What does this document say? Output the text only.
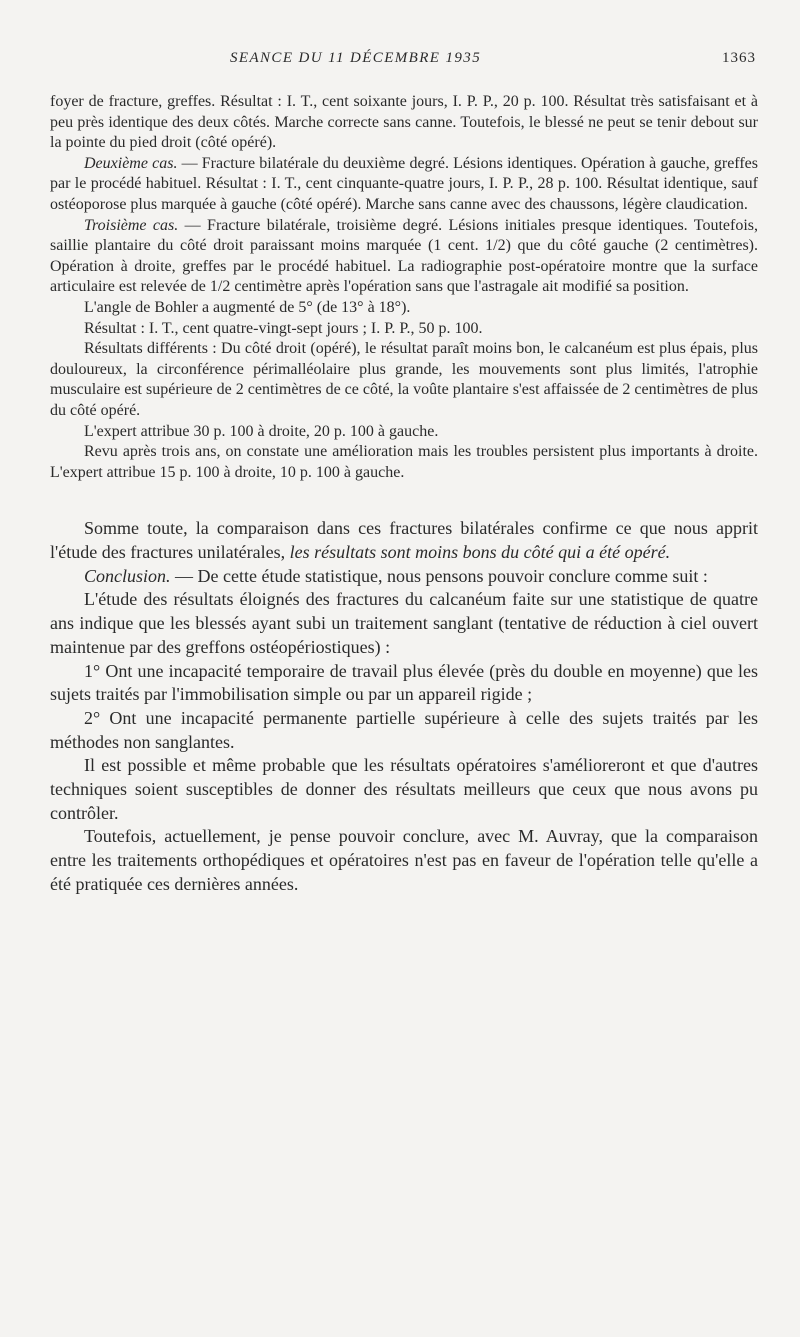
SEANCE DU 11 DÉCEMBRE 1935	1363

foyer de fracture, greffes. Résultat : I. T., cent soixante jours, I. P. P., 20 p. 100. Résultat très satisfaisant et à peu près identique des deux côtés. Marche correcte sans canne. Toutefois, le blessé ne peut se tenir debout sur la pointe du pied droit (côté opéré).

Deuxième cas. — Fracture bilatérale du deuxième degré. Lésions identiques. Opération à gauche, greffes par le procédé habituel. Résultat : I. T., cent cinquante-quatre jours, I. P. P., 28 p. 100. Résultat identique, sauf ostéoporose plus marquée à gauche (côté opéré). Marche sans canne avec des chaussons, légère claudication.

Troisième cas. — Fracture bilatérale, troisième degré. Lésions initiales presque identiques. Toutefois, saillie plantaire du côté droit paraissant moins marquée (1 cent. 1/2) que du côté gauche (2 centimètres). Opération à droite, greffes par le procédé habituel. La radiographie post-opératoire montre que la surface articulaire est relevée de 1/2 centimètre après l'opération sans que l'astragale ait modifié sa position.

L'angle de Bohler a augmenté de 5° (de 13° à 18°).

Résultat : I. T., cent quatre-vingt-sept jours ; I. P. P., 50 p. 100.

Résultats différents : Du côté droit (opéré), le résultat paraît moins bon, le calcanéum est plus épais, plus douloureux, la circonférence périmalléolaire plus grande, les mouvements sont plus limités, l'atrophie musculaire est supérieure de 2 centimètres de ce côté, la voûte plantaire s'est affaissée de 2 centimètres de plus du côté opéré.

L'expert attribue 30 p. 100 à droite, 20 p. 100 à gauche.

Revu après trois ans, on constate une amélioration mais les troubles persistent plus importants à droite. L'expert attribue 15 p. 100 à droite, 10 p. 100 à gauche.

Somme toute, la comparaison dans ces fractures bilatérales confirme ce que nous apprit l'étude des fractures unilatérales, les résultats sont moins bons du côté qui a été opéré.

Conclusion. — De cette étude statistique, nous pensons pouvoir conclure comme suit :

L'étude des résultats éloignés des fractures du calcanéum faite sur une statistique de quatre ans indique que les blessés ayant subi un traitement sanglant (tentative de réduction à ciel ouvert maintenue par des greffons ostéopériostiques) :

1° Ont une incapacité temporaire de travail plus élevée (près du double en moyenne) que les sujets traités par l'immobilisation simple ou par un appareil rigide ;

2° Ont une incapacité permanente partielle supérieure à celle des sujets traités par les méthodes non sanglantes.

Il est possible et même probable que les résultats opératoires s'amélioreront et que d'autres techniques soient susceptibles de donner des résultats meilleurs que ceux que nous avons pu contrôler.

Toutefois, actuellement, je pense pouvoir conclure, avec M. Auvray, que la comparaison entre les traitements orthopédiques et opératoires n'est pas en faveur de l'opération telle qu'elle a été pratiquée ces dernières années.
